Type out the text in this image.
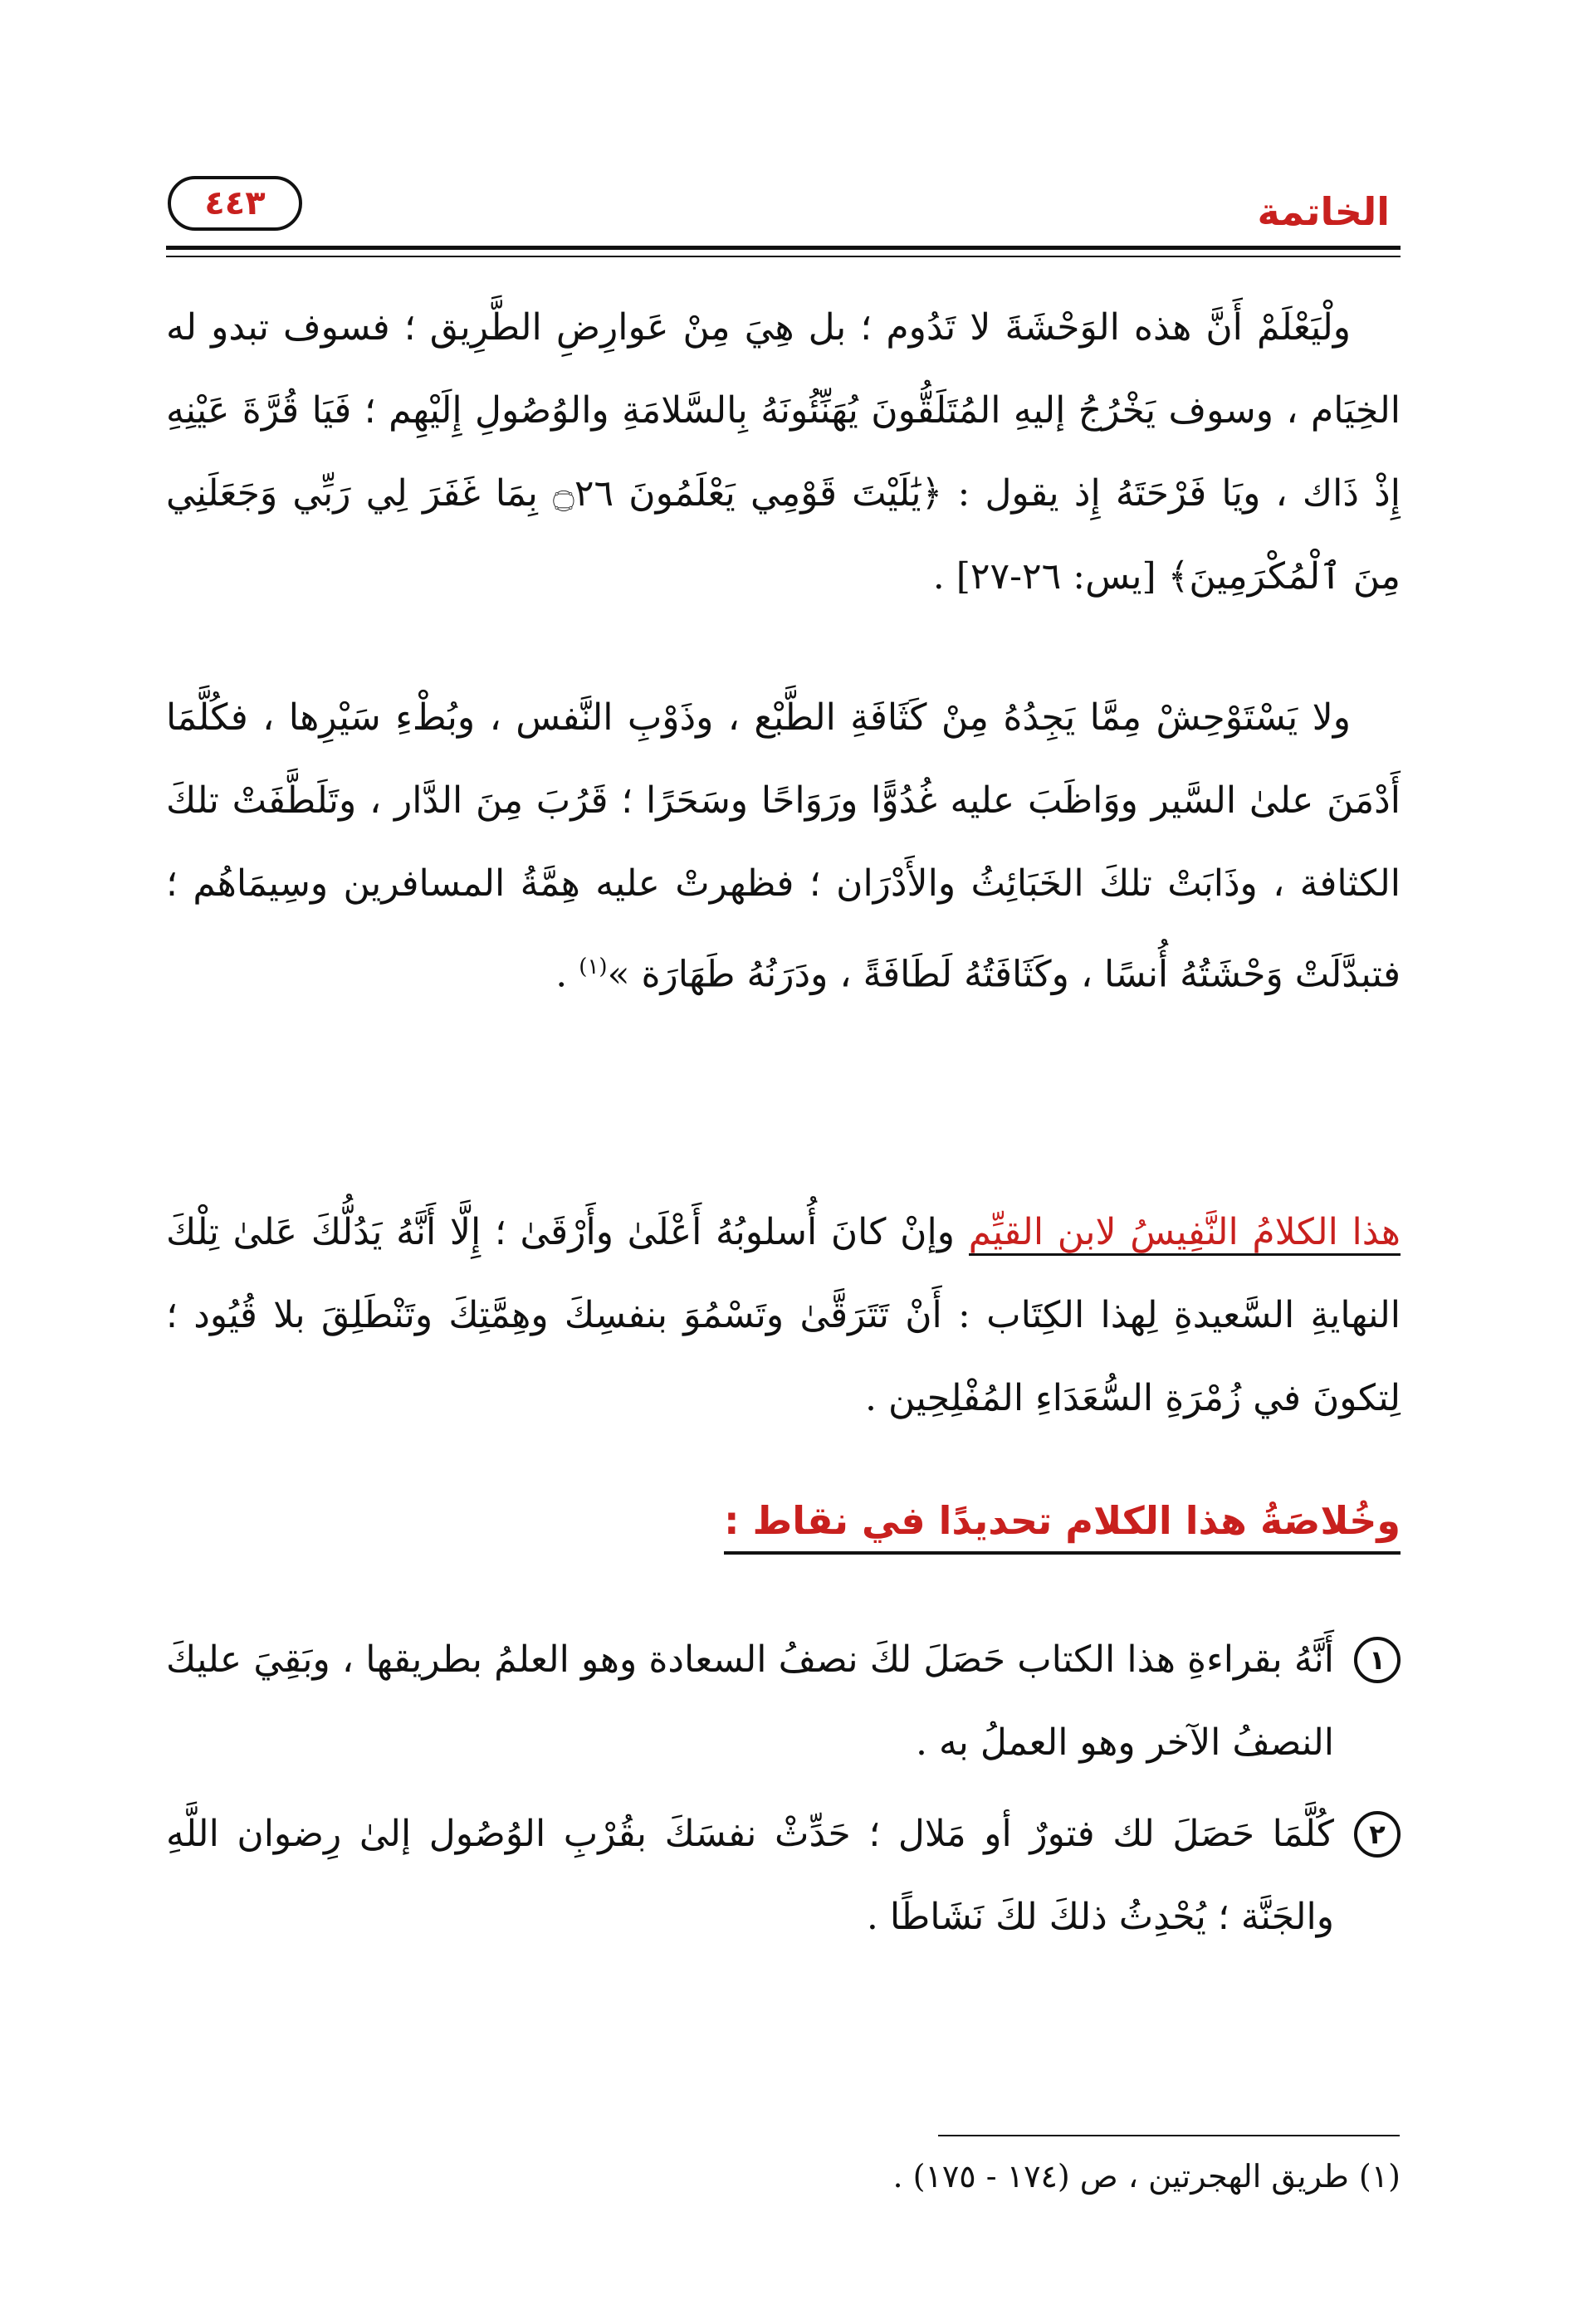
الخاتمة
٤٤٣
ولْيَعْلَمْ أَنَّ هذه الوَحْشَةَ لا تَدُوم ؛ بل هِيَ مِنْ عَوارِضِ الطَّرِيق ؛ فسوف تبدو له الخِيَام ، وسوف يَخْرُجُ إليهِ المُتَلَقُّونَ يُهَنِّئُونَهُ بِالسَّلامَةِ والوُصُولِ إِلَيْهِم ؛ فَيَا قُرَّةَ عَيْنِهِ إِذْ ذَاك ، ويَا فَرْحَتَهُ إِذ يقول : ﴿يَٰلَيْتَ قَوْمِي يَعْلَمُونَ ۝٢٦ بِمَا غَفَرَ لِي رَبِّي وَجَعَلَنِي مِنَ ٱلْمُكْرَمِينَ﴾ [يس: ٢٦-٢٧] .
ولا يَسْتَوْحِشْ مِمَّا يَجِدُهُ مِنْ كَثَافَةِ الطَّبْع ، وذَوْبِ النَّفس ، وبُطْءِ سَيْرِها ، فكُلَّمَا أَدْمَنَ علىٰ السَّير ووَاظَبَ عليه غُدُوًّا ورَوَاحًا وسَحَرًا ؛ قَرُبَ مِنَ الدَّار ، وتَلَطَّفَتْ تلكَ الكثافة ، وذَابَتْ تلكَ الخَبَائِثُ والأَدْرَان ؛ فظهرتْ عليه هِمَّةُ المسافرين وسِيمَاهُم ؛ فتبدَّلَتْ وَحْشَتُهُ أُنسًا ، وكَثَافَتُهُ لَطَافَةً ، ودَرَنُهُ طَهَارَة »$^{(١)}$ .
هذا الكلامُ النَّفِيسُ لابن القيِّم وإنْ كانَ أُسلوبُهُ أَعْلَىٰ وأَرْقَىٰ ؛ إِلَّا أَنَّهُ يَدُلُّكَ عَلىٰ تِلْكَ النهايةِ السَّعيدةِ لِهذا الكِتَاب : أَنْ تَتَرَقَّىٰ وتَسْمُوَ بنفسِكَ وهِمَّتِكَ وتَنْطَلِقَ بلا قُيُود ؛ لِتكونَ في زُمْرَةِ السُّعَدَاءِ المُفْلِحِين .
وخُلاصَةُ هذا الكلام تحديدًا في نقاط :
١
أَنَّهُ بقراءةِ هذا الكتاب حَصَلَ لكَ نصفُ السعادة وهو العلمُ بطريقها ، وبَقِيَ عليكَ النصفُ الآخر وهو العملُ به .
٢
كُلَّمَا حَصَلَ لك فتورٌ أو مَلال ؛ حَدِّثْ نفسَكَ بقُرْبِ الوُصُول إلىٰ رِضوان اللَّهِ والجَنَّة ؛ يُحْدِثُ ذلكَ لكَ نَشَاطًا .
(١) طريق الهجرتين ، ص (١٧٤ - ١٧٥) .
